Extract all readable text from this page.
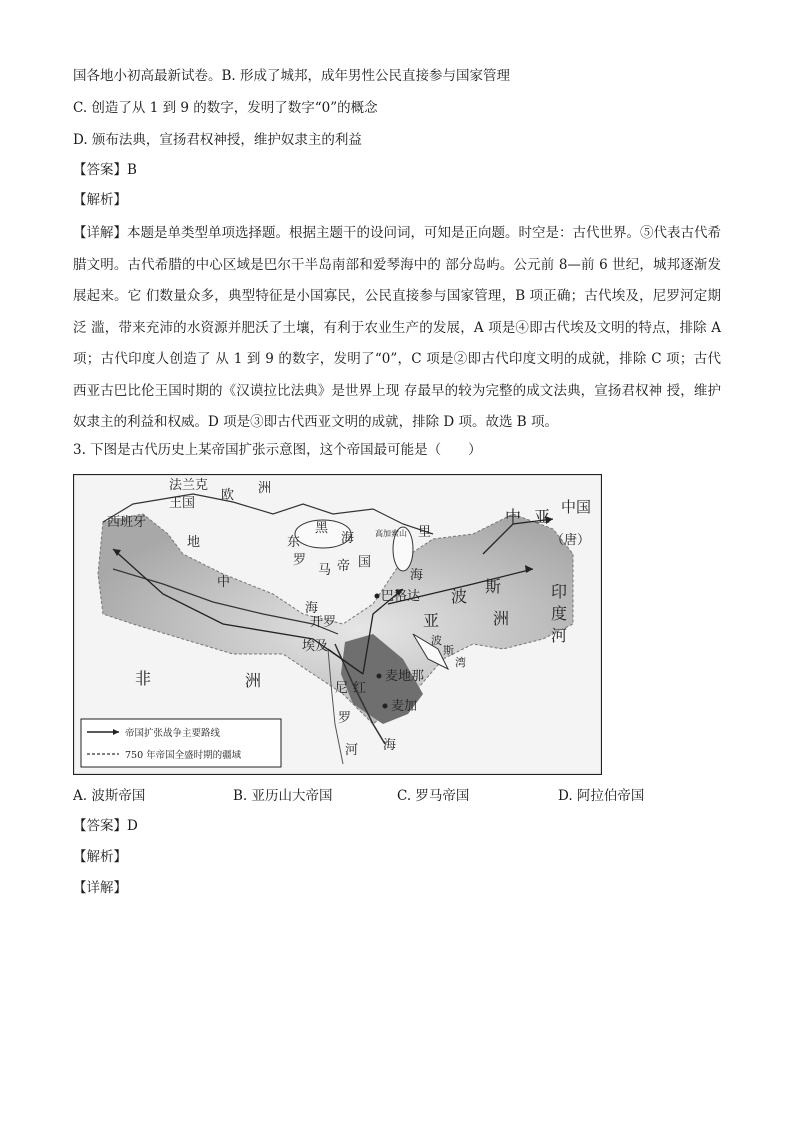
国各地小初高最新试卷。B. 形成了城邦，成年男性公民直接参与国家管理
C. 创造了从 1 到 9 的数字，发明了数字“0”的概念
D. 颁布法典，宣扬君权神授，维护奴隶主的利益
【答案】B
【解析】
【详解】本题是单类型单项选择题。根据主题干的设问词，可知是正向题。时空是：古代世界。⑤代表古代希腊文明。古代希腊的中心区域是巴尔干半岛南部和爱琴海中的 部分岛屿。公元前 8—前 6 世纪，城邦逐渐发展起来。它 们数量众多，典型特征是小国寡民，公民直接参与国家管理，B 项正确；古代埃及，尼罗河定期泛 滥，带来充沛的水资源并肥沃了土壤，有利于农业生产的发展，A 项是④即古代埃及文明的特点，排除 A 项；古代印度人创造了 从 1 到 9 的数字，发明了“0”，C 项是②即古代印度文明的成就，排除 C 项；古代西亚古巴比伦王国时期的《汉谟拉比法典》是世界上现 存最早的较为完整的成文法典，宣扬君权神 授，维护奴隶主的利益和权威。D 项是③即古代西亚文明的成就，排除 D 项。故选 B 项。
3. 下图是古代历史上某帝国扩张示意图，这个帝国最可能是（　　）
法兰克
王国
欧 洲
西班牙
地
中
海
黑
海
东
罗
马 帝 国
高加索山 里
海
中 亚 中国
（唐）
巴格达 波
斯
亚	洲
印
度
河
开罗
埃及
非	洲	尼
罗
河
红
海
麦地那
麦加
波
斯
湾
帝国扩张战争主要路线
750 年帝国全盛时期的疆域
A. 波斯帝国	B. 亚历山大帝国	C. 罗马帝国	D. 阿拉伯帝国
【答案】D
【解析】
【详解】
